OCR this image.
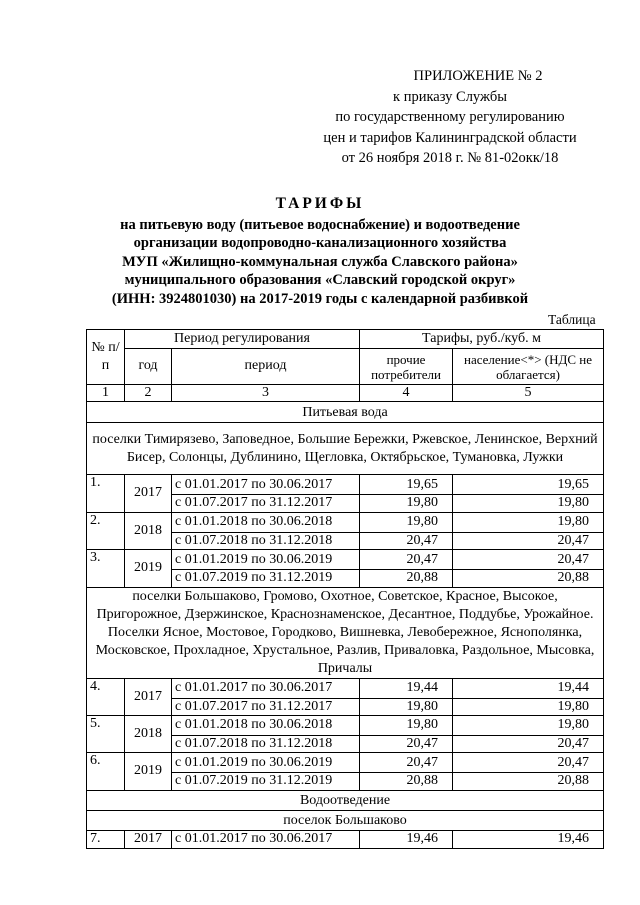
ПРИЛОЖЕНИЕ № 2
к приказу Службы
по государственному регулированию
цен и тарифов Калининградской области
от 26 ноября 2018 г. № 81-02окк/18
ТАРИФЫ
на питьевую воду (питьевое водоснабжение) и водоотведение
организации водопроводно-канализационного хозяйства
МУП «Жилищно-коммунальная служба Славского района»
муниципального образования «Славский городской округ»
(ИНН: 3924801030) на 2017-2019 годы с календарной разбивкой
Таблица
№ п/п	Период регулирования		Тарифы, руб./куб. м	
	год	период	прочие потребители	население<*> (НДС не облагается)
1	2	3	4	5
Питьевая вода				
поселки Тимирязево, Заповедное, Большие Бережки, Ржевское, Ленинское, Верхний Бисер, Солонцы, Дублинино, Щегловка, Октябрьское, Тумановка, Лужки				
1.	2017	с 01.01.2017 по 30.06.2017	19,65	19,65
		с 01.07.2017 по 31.12.2017	19,80	19,80
2.	2018	с 01.01.2018 по 30.06.2018	19,80	19,80
		с 01.07.2018 по 31.12.2018	20,47	20,47
3.	2019	с 01.01.2019 по 30.06.2019	20,47	20,47
		с 01.07.2019 по 31.12.2019	20,88	20,88
поселки Большаково, Громово, Охотное, Советское, Красное, Высокое, Пригорожное, Дзержинское, Краснознаменское, Десантное, Поддубье, Урожайное. Поселки Ясное, Мостовое, Городково, Вишневка, Левобережное, Яснополянка, Московское, Прохладное, Хрустальное, Разлив, Приваловка, Раздольное, Мысовка, Причалы				
4.	2017	с 01.01.2017 по 30.06.2017	19,44	19,44
		с 01.07.2017 по 31.12.2017	19,80	19,80
5.	2018	с 01.01.2018 по 30.06.2018	19,80	19,80
		с 01.07.2018 по 31.12.2018	20,47	20,47
6.	2019	с 01.01.2019 по 30.06.2019	20,47	20,47
		с 01.07.2019 по 31.12.2019	20,88	20,88
Водоотведение				
поселок Большаково				
7.	2017	с 01.01.2017 по 30.06.2017	19,46	19,46
